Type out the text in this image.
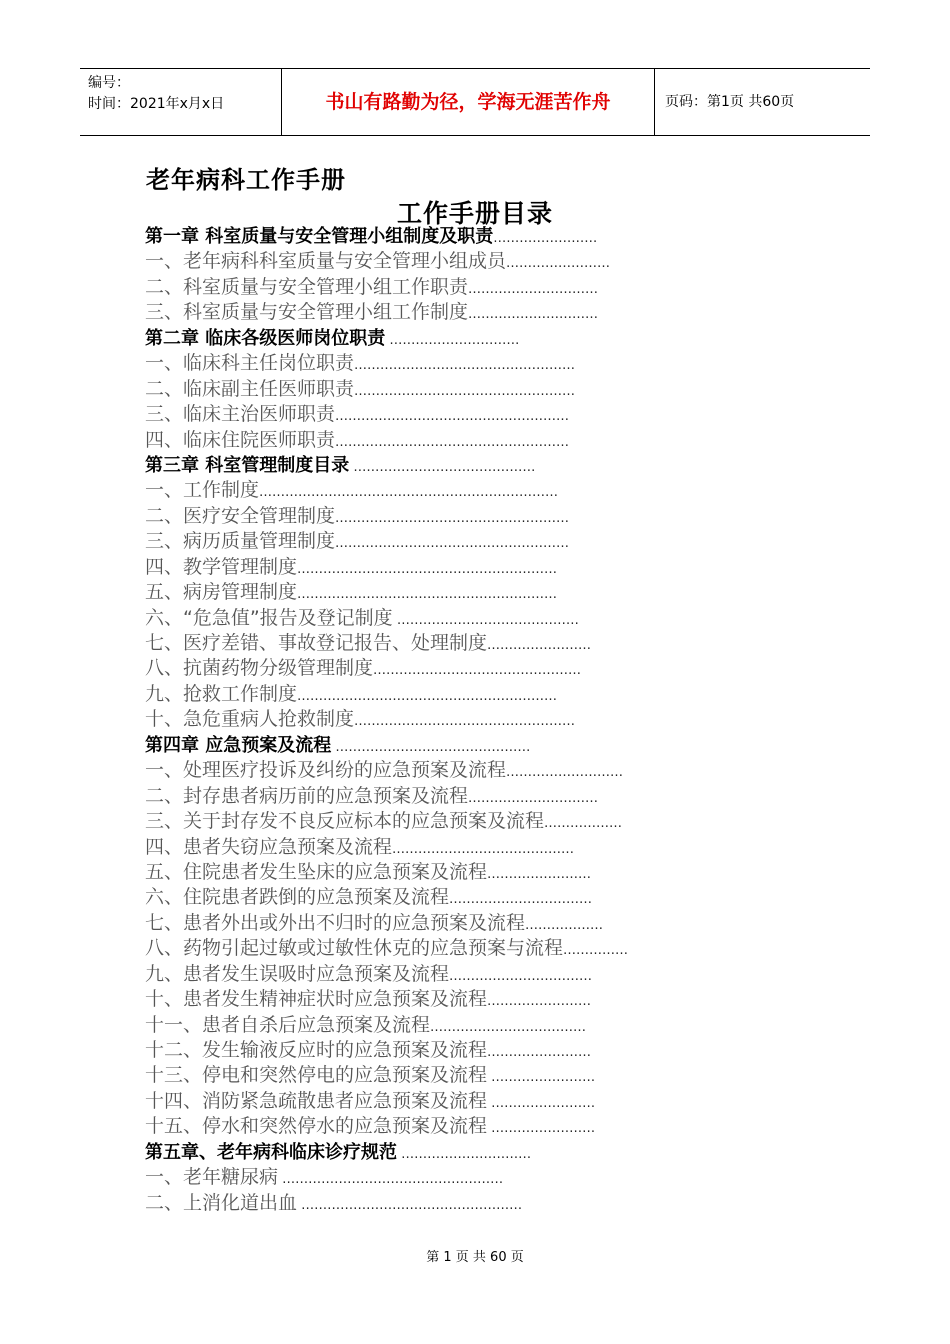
编号：
时间：2021年x月x日	书山有路勤为径，学海无涯苦作舟	页码：第1页 共60页
老年病科工作手册
工作手册目录
第一章 科室质量与安全管理小组制度及职责……………………
一、老年病科科室质量与安全管理小组成员……………………
二、科室质量与安全管理小组工作职责…………………………
三、科室质量与安全管理小组工作制度…………………………
第二章 临床各级医师岗位职责 …………………………
一、临床科主任岗位职责……………………………………………
二、临床副主任医师职责……………………………………………
三、临床主治医师职责………………………………………………
四、临床住院医师职责………………………………………………
第三章 科室管理制度目录 ……………………………………
一、工作制度……………………………………………………………
二、医疗安全管理制度………………………………………………
三、病历质量管理制度………………………………………………
四、教学管理制度……………………………………………………
五、病房管理制度……………………………………………………
六、“危急值”报告及登记制度 ……………………………………
七、医疗差错、事故登记报告、处理制度……………………
八、抗菌药物分级管理制度…………………………………………
九、抢救工作制度……………………………………………………
十、急危重病人抢救制度……………………………………………
第四章 应急预案及流程 ………………………………………
一、处理医疗投诉及纠纷的应急预案及流程………………………
二、封存患者病历前的应急预案及流程…………………………
三、关于封存发不良反应标本的应急预案及流程………………
四、患者失窃应急预案及流程……………………………………
五、住院患者发生坠床的应急预案及流程……………………
六、住院患者跌倒的应急预案及流程……………………………
七、患者外出或外出不归时的应急预案及流程………………
八、药物引起过敏或过敏性休克的应急预案与流程……………
九、患者发生误吸时应急预案及流程……………………………
十、患者发生精神症状时应急预案及流程……………………
十一、患者自杀后应急预案及流程………………………………
十二、发生输液反应时的应急预案及流程……………………
十三、停电和突然停电的应急预案及流程 ……………………
十四、消防紧急疏散患者应急预案及流程 ……………………
十五、停水和突然停水的应急预案及流程 ……………………
第五章、老年病科临床诊疗规范 …………………………
一、老年糖尿病 ……………………………………………
二、上消化道出血 ……………………………………………
第 1 页 共 60 页
